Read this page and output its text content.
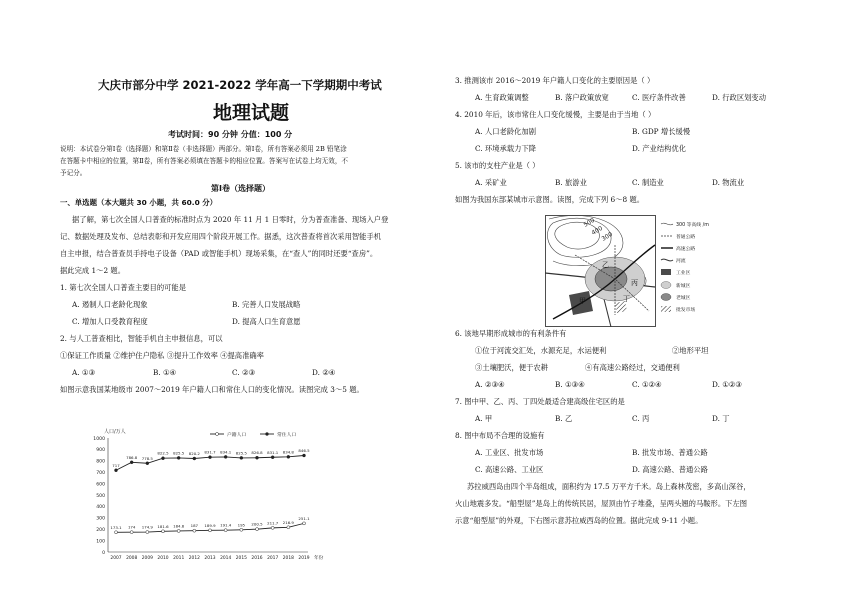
大庆市部分中学 2021-2022 学年高一下学期期中考试
地理试题
考试时间：90 分钟 分值：100 分
说明：本试卷分第Ⅰ卷（选择题）和第Ⅱ卷（非选择题）两部分。第Ⅰ卷，所有答案必须用 2B 铅笔涂
在答题卡中相应的位置，第Ⅱ卷，所有答案必须填在答题卡的相应位置。答案写在试卷上均无效，不
予记分。
第Ⅰ卷（选择题）
一、单选题（本大题共 30 小题，共 60.0 分）
据了解，第七次全国人口普查的标准时点为 2020 年 11 月 1 日零时，分为普查准备、现场入户登
记、数据处理及发布、总结表彰和开发应用四个阶段开展工作。据悉，这次普查将首次采用智能手机
自主申报，结合普查员手持电子设备（PAD 或智能手机）现场采集，在“查人”的同时还要“查房”。
据此完成 1～2 题。
1. 第七次全国人口普查主要目的可能是
A. 遏制人口老龄化现象	B. 完善人口发展战略
C. 增加人口受教育程度	D. 提高人口生育意愿
2. 与人工普查相比，智能手机自主申报信息，可以
①保证工作质量 ②维护住户隐私 ③提升工作效率 ④提高准确率
A. ①③	B. ①④	C. ②③	D. ②④
如图示意我国某地级市 2007～2019 年户籍人口和常住人口的变化情况。读图完成 3～5 题。
0
100
200
300
400
500
600
700
800
900
1000
2007 2008 2009 2010 2011 2012 2013 2014 2015 2016 2017 2018 2019 年份
人口/万人
173.1 174 174.9 181.6 184.6 187 189.9 191.4 195 200.5 211.7 216.9
251.1
717
786.8 778.5
822.5 825.5 820.2 831.7 834.1 825.5 826.8 831.1 834.8 846.5
户籍人口	常住人口
3. 推测该市 2016～2019 年户籍人口变化的主要原因是（ ）
A. 生育政策调整	B. 落户政策放宽	C. 医疗条件改善	D. 行政区划变动
4. 2010 年后，该市常住人口变化缓慢，主要是由于当地（ ）
A. 人口老龄化加剧	B. GDP 增长缓慢
C. 环境承载力下降	D. 产业结构优化
5. 该市的支柱产业是（ ）
A. 采矿业	B. 旅游业	C. 制造业	D. 物流业
如图为我国东部某城市示意图。读图，完成下列 6～8 题。
500
400
300
乙
丙
甲	丁
300 等高线 /m
普通公路
高速公路
河流
工业区
新城区
老城区
批发市场
6. 该地早期形成城市的有利条件有
①位于河流交汇处，水源充足，水运便利	②地形平坦
③土壤肥沃，便于农耕	④有高速公路经过，交通便利
A. ②③④	B. ①③④	C. ①②④	D. ①②③
7. 图中甲、乙、丙、丁四处最适合建高级住宅区的是
A. 甲	B. 乙	C. 丙	D. 丁
8. 图中布局不合理的设施有
A. 工业区、批发市场	B. 批发市场、普通公路
C. 高速公路、工业区	D. 高速公路、普通公路
苏拉威西岛由四个半岛组成，面积约为 17.5 万平方千米。岛上森林茂密，多高山深谷，
火山地震多发。“船型屋”是岛上的传统民居，屋顶由竹子堆叠，呈两头翘的马鞍形。下左图
示意“船型屋”的外观，下右图示意苏拉威西岛的位置。据此完成 9-11 小题。
